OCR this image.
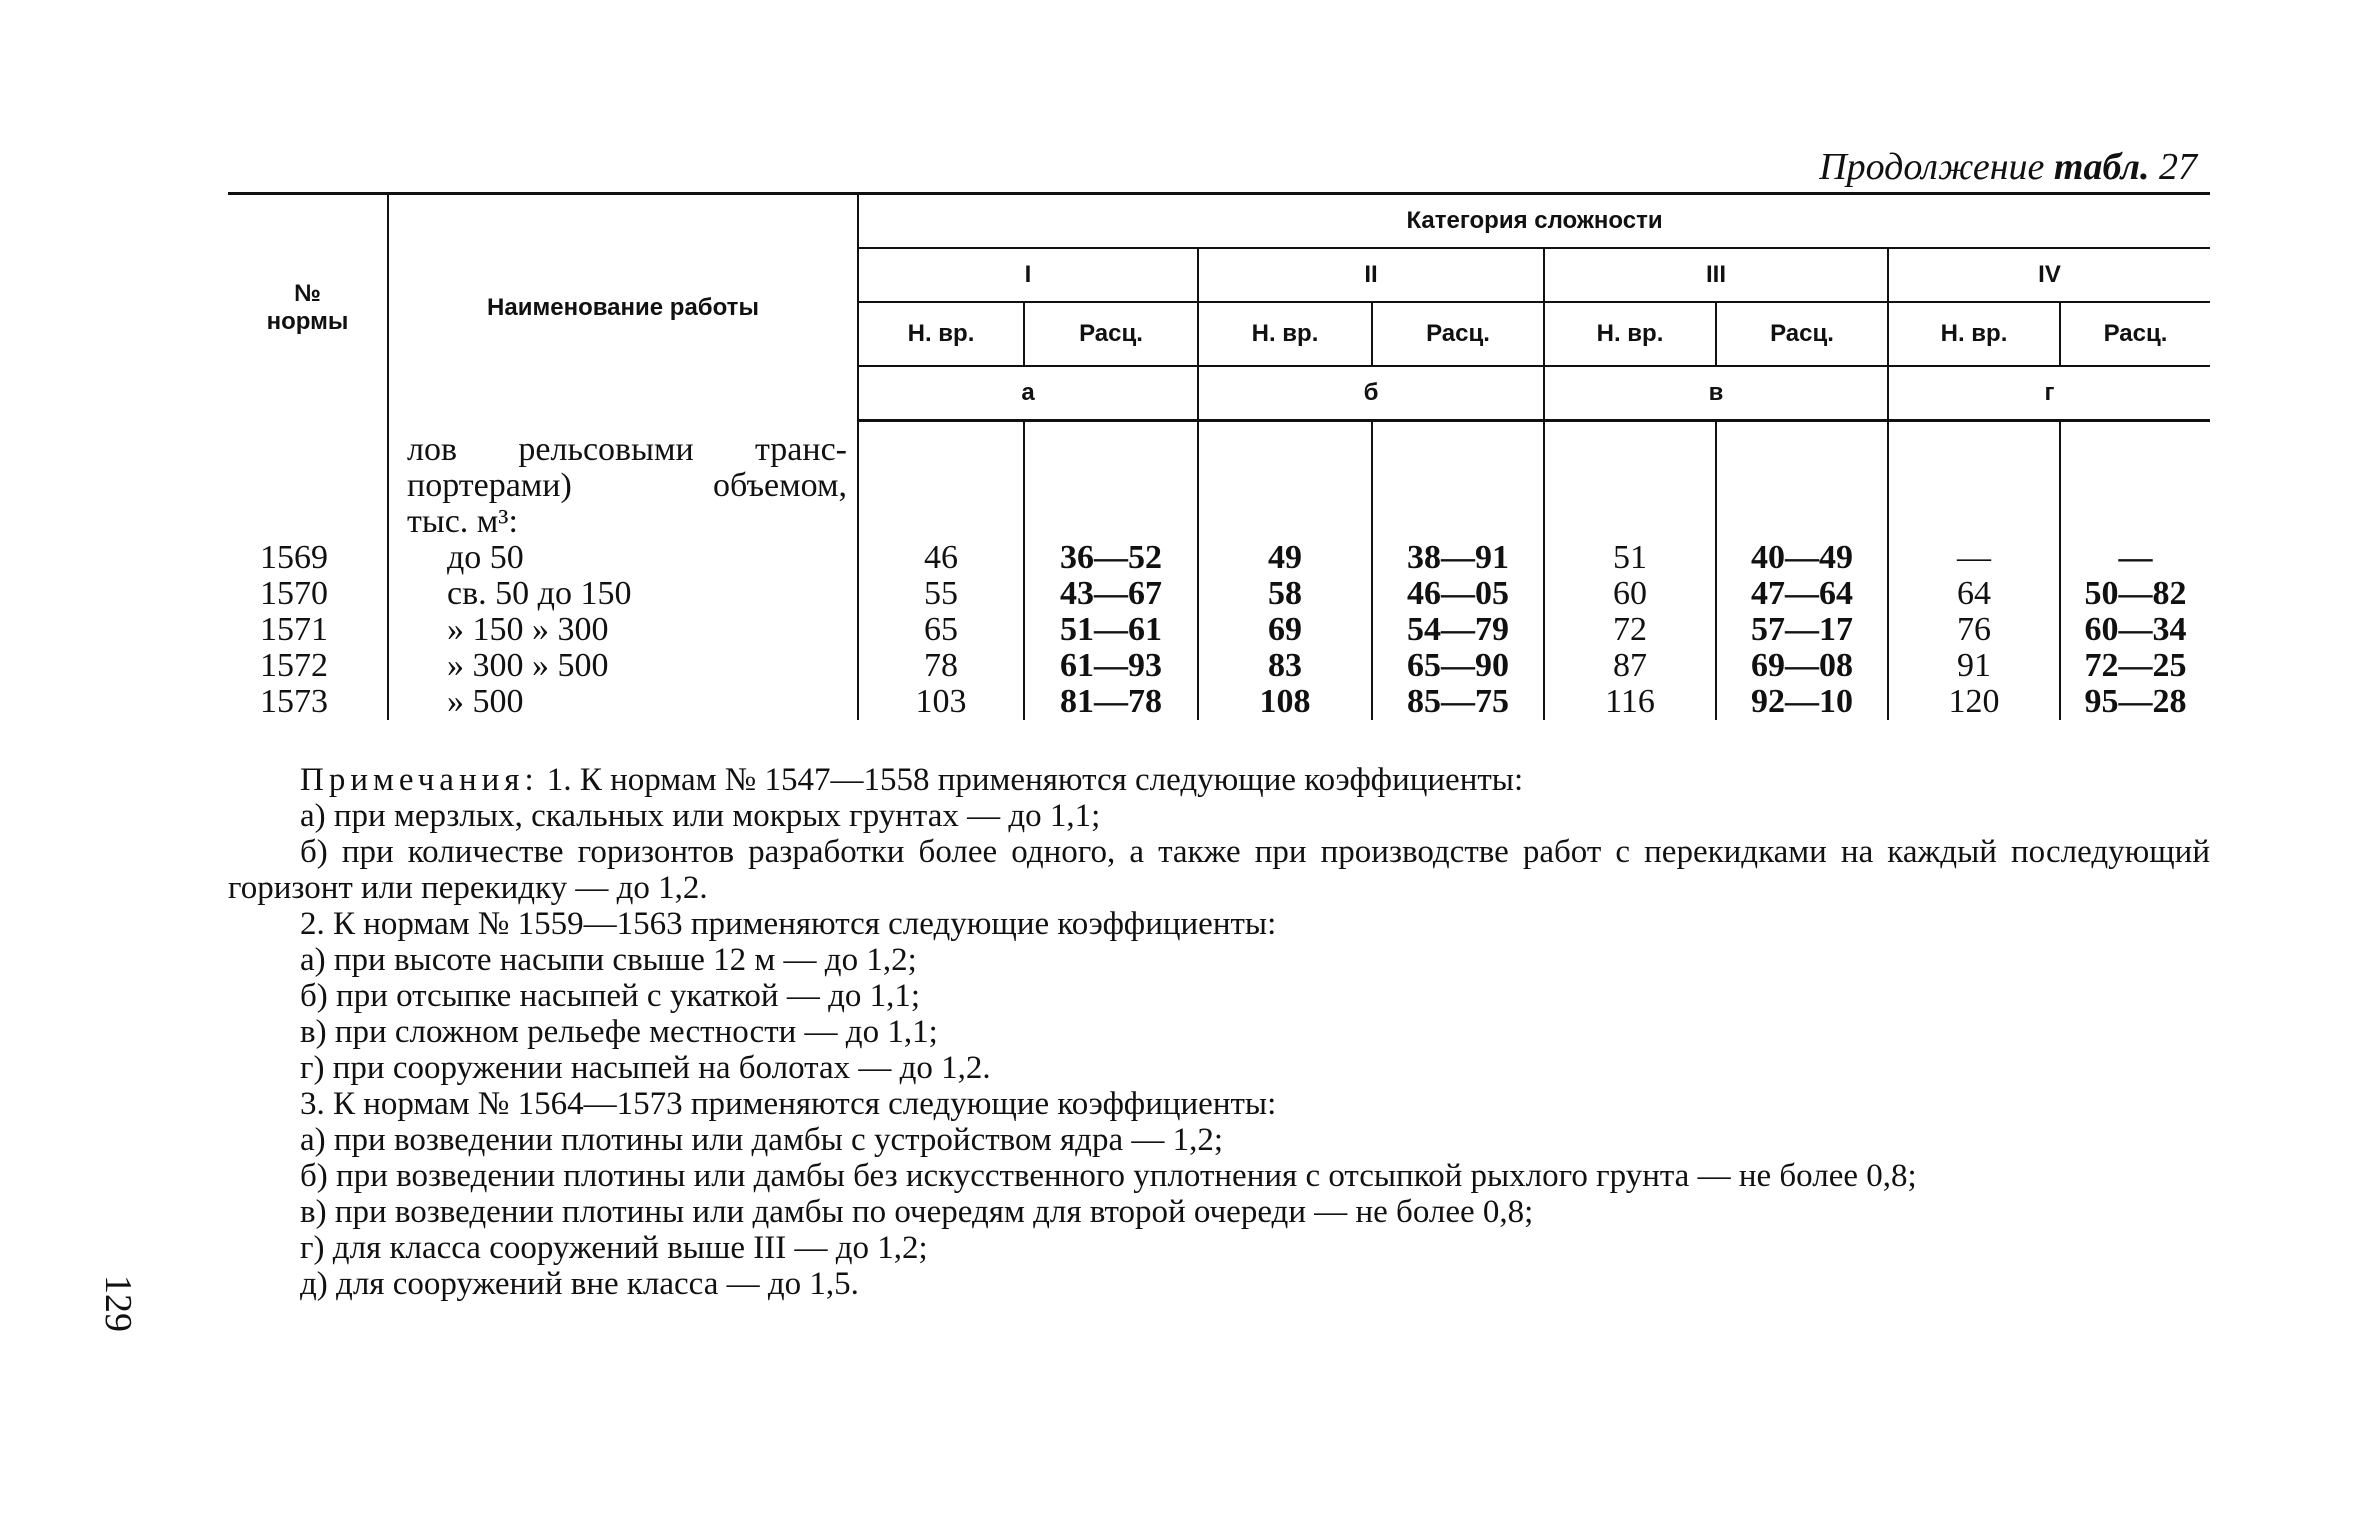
129
Продолжение табл. 27
№
нормы	Наименование работы	Категория сложности							
		I		II		III		IV	
		Н. вр.	Расц.	Н. вр.	Расц.	Н. вр.	Расц.	Н. вр.	Расц.
		а		б		в		г	

	лов рельсовыми транс-
портерами) объемом,
тыс. м³:								

1569	до 50	46	36—52	49	38—91	51	40—49	—	—
1570	св. 50 до 150	55	43—67	58	46—05	60	47—64	64	50—82
1571	» 150 » 300	65	51—61	69	54—79	72	57—17	76	60—34
1572	» 300 » 500	78	61—93	83	65—90	87	69—08	91	72—25
1573	» 500	103	81—78	108	85—75	116	92—10	120	95—28

Примечания: 1. К нормам № 1547—1558 применяются следующие коэффициенты:

а) при мерзлых, скальных или мокрых грунтах — до 1,1;

б) при количестве горизонтов разработки более одного, а также при производстве работ с перекидками на каждый последующий горизонт или перекидку — до 1,2.

2. К нормам № 1559—1563 применяются следующие коэффициенты:

а) при высоте насыпи свыше 12 м — до 1,2;

б) при отсыпке насыпей с укаткой — до 1,1;

в) при сложном рельефе местности — до 1,1;

г) при сооружении насыпей на болотах — до 1,2.

3. К нормам № 1564—1573 применяются следующие коэффициенты:

а) при возведении плотины или дамбы с устройством ядра — 1,2;

б) при возведении плотины или дамбы без искусственного уплотнения с отсыпкой рыхлого грунта — не более 0,8;

в) при возведении плотины или дамбы по очередям для второй очереди — не более 0,8;

г) для класса сооружений выше III — до 1,2;

д) для сооружений вне класса — до 1,5.
